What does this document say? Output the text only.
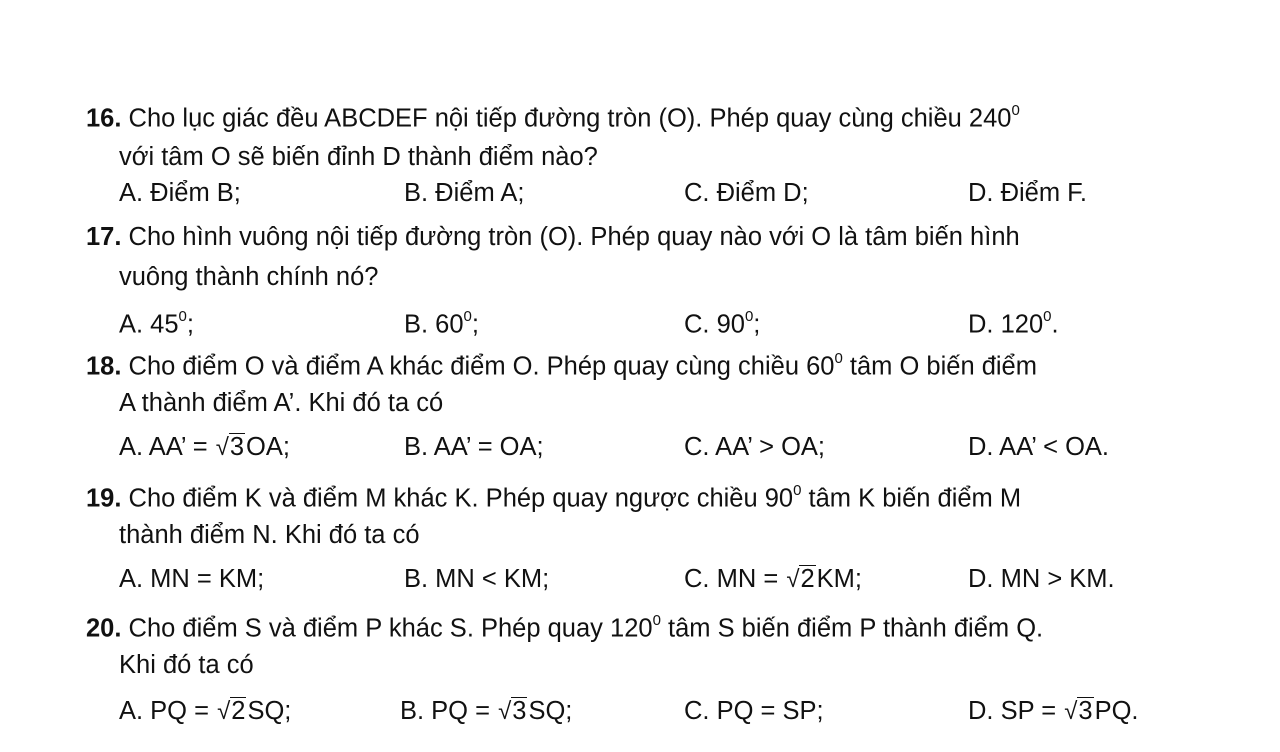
16. Cho lục giác đều ABCDEF nội tiếp đường tròn (O). Phép quay cùng chiều $240^0$
với tâm O sẽ biến đỉnh D thành điểm nào?
A. Điểm B;	B. Điểm A;	C. Điểm D;	D. Điểm F.
17. Cho hình vuông nội tiếp đường tròn (O). Phép quay nào với O là tâm biến hình
vuông thành chính nó?
A. $45^0$;	B. $60^0$;	C. $90^0$;	D. $120^0$.
18. Cho điểm O và điểm A khác điểm O. Phép quay cùng chiều $60^0$ tâm O biến điểm
A thành điểm A’. Khi đó ta có
A. AA’ = √ 3 OA;	B. AA’ = OA;	C. AA’ > OA;	D. AA’ < OA.
19. Cho điểm K và điểm M khác K. Phép quay ngược chiều $90^0$ tâm K biến điểm M
thành điểm N. Khi đó ta có
A. MN = KM;	B. MN < KM;	C. MN = √ 2 KM;	D. MN > KM.
20. Cho điểm S và điểm P khác S. Phép quay $120^0$ tâm S biến điểm P thành điểm Q.
Khi đó ta có
A. PQ = √ 2 SQ;	B. PQ = √ 3 SQ;	C. PQ = SP;	D. SP = √ 3 PQ.
